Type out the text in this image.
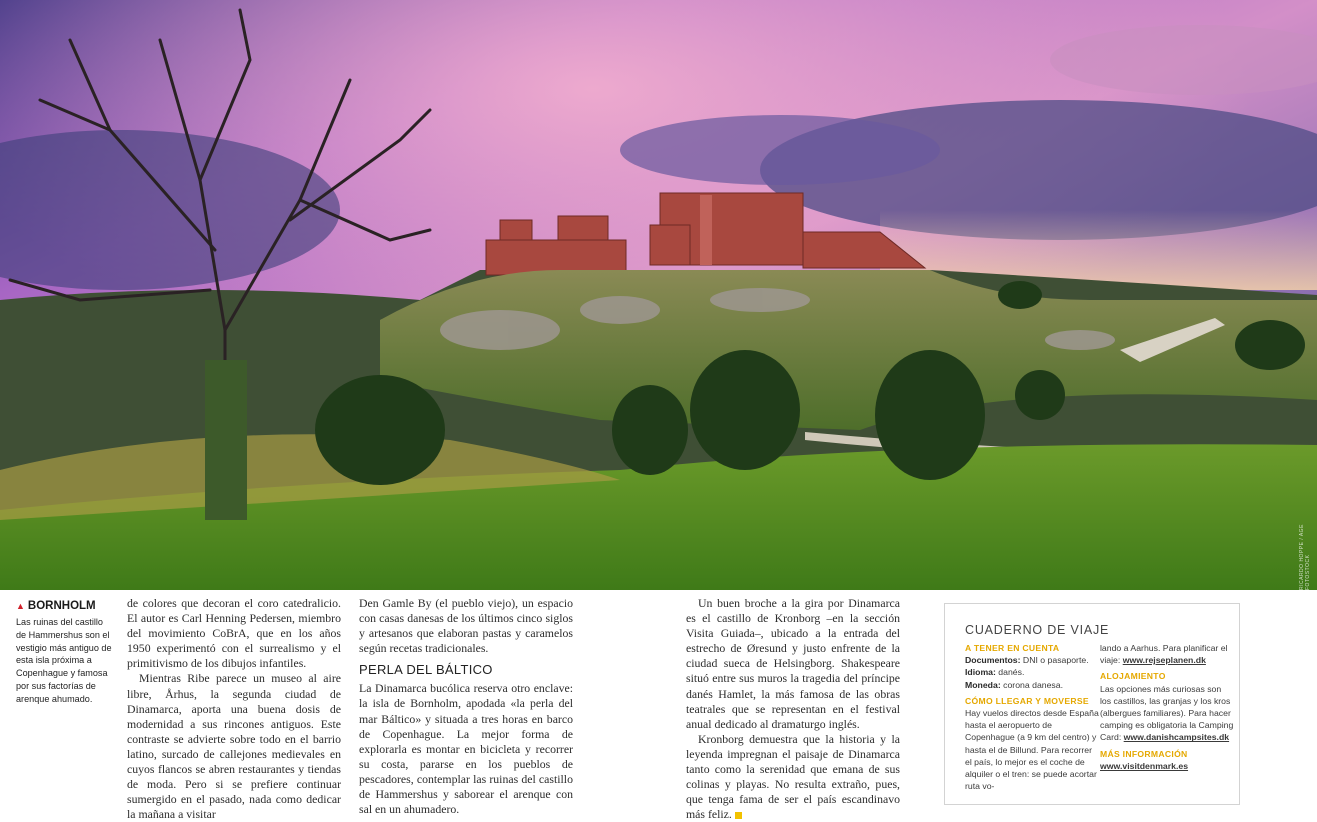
RICARDO HOPPE / AGE FOTOSTOCK
▲ BORNHOLM
Las ruinas del castillo de Hammershus son el vestigio más antiguo de esta isla próxima a Copenhague y famosa por sus factorías de arenque ahumado.

de colores que decoran el coro catedralicio. El autor es Carl Henning Pedersen, miembro del movimiento CoBrA, que en los años 1950 experimentó con el surrealismo y el primitivismo de los dibujos infantiles.

Mientras Ribe parece un museo al aire libre, Århus, la segunda ciudad de Dinamarca, aporta una buena dosis de modernidad a sus rincones antiguos. Este contraste se advierte sobre todo en el barrio latino, surcado de callejones medievales en cuyos flancos se abren restaurantes y tiendas de moda. Pero si se prefiere continuar sumergido en el pasado, nada como dedicar la mañana a visitar

Den Gamle By (el pueblo viejo), un espacio con casas danesas de los últimos cinco siglos y artesanos que elaboran pastas y caramelos según recetas tradicionales.

PERLA DEL BÁLTICO

La Dinamarca bucólica reserva otro enclave: la isla de Bornholm, apodada «la perla del mar Báltico» y situada a tres horas en barco de Copenhague. La mejor forma de explorarla es montar en bicicleta y recorrer su costa, pararse en los pueblos de pescadores, contemplar las ruinas del castillo de Hammershus y saborear el arenque con sal en un ahumadero.

Un buen broche a la gira por Dinamarca es el castillo de Kronborg –en la sección Visita Guiada–, ubicado a la entrada del estrecho de Øresund y justo enfrente de la ciudad sueca de Helsingborg. Shakespeare situó entre sus muros la tragedia del príncipe danés Hamlet, la más famosa de las obras teatrales que se representan en el festival anual dedicado al dramaturgo inglés.

Kronborg demuestra que la historia y la leyenda impregnan el paisaje de Dinamarca tanto como la serenidad que emana de sus colinas y playas. No resulta extraño, pues, que tenga fama de ser el país escandinavo más feliz.

CUADERNO DE VIAJE

A TENER EN CUENTA

Documentos: DNI o pasaporte.

Idioma: danés.

Moneda: corona danesa.

CÓMO LLEGAR Y MOVERSE

Hay vuelos directos desde España hasta el aeropuerto de Copenhague (a 9 km del centro) y hasta el de Billund. Para recorrer el país, lo mejor es el coche de alquiler o el tren: se puede acortar ruta vo-

lando a Aarhus. Para planificar el viaje: www.rejseplanen.dk

ALOJAMIENTO

Las opciones más curiosas son los castillos, las granjas y los kros (albergues familiares). Para hacer camping es obligatoria la Camping Card: www.danishcampsites.dk

MÁS INFORMACIÓN

www.visitdenmark.es
